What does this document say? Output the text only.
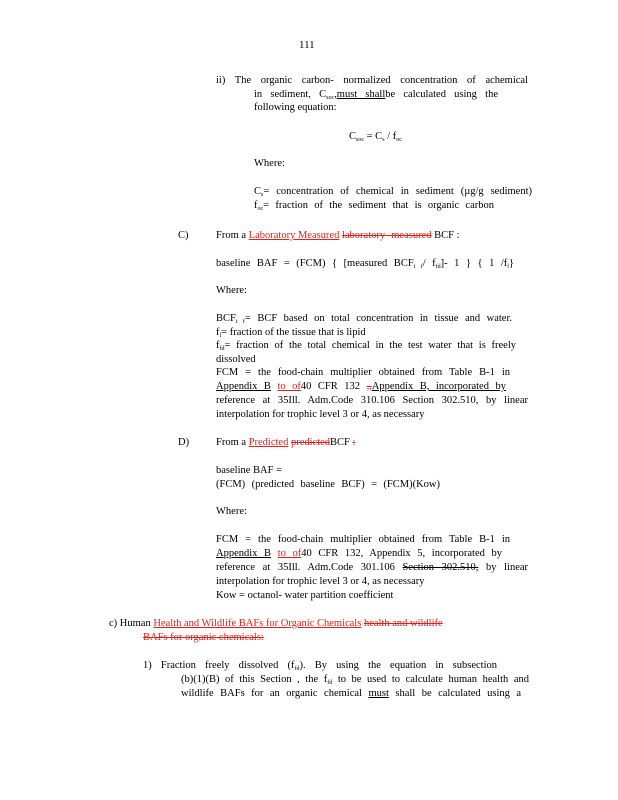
111
ii) The organic carbon- normalized concentration of achemical
in sediment, $C_{soc},must$ shallbe calculated using the
following equation:
$C_{soc} = C_s / f_{oc}$
Where:
$C_s=$ concentration of chemical in sediment (µg/g sediment)
$f_{oc}=$ fraction of the sediment that is organic carbon
C)	From a Laboratory Measured laboratory- measured BCF :
baseline BAF = (FCM) { [measured $BCF_{t f}/$ $f_{fd}]-$ 1 } { 1 $/f_l$}
Where:
$BCF_{t f}=$ BCF based on total concentration in tissue and water.
$f_l=$ fraction of the tissue that is lipid
$f_{fd}=$ fraction of the total chemical in the test water that is freely
dissolved
FCM = the food-chain multiplier obtained from Table B-1 in
Appendix B to of40 CFR 132 ,,Appendix B, incorporated by
reference at 35Ill. Adm.Code 310.106 Section 302.510, by linear
interpolation for trophic level 3 or 4, as necessary
D)	From a Predicted predictedBCF :
baseline BAF =
(FCM) (predicted baseline BCF) = (FCM)(Kow)
Where:
FCM = the food-chain multiplier obtained from Table B-1 in
Appendix B to of40 CFR 132, Appendix 5, incorporated by
reference at 35Ill. Adm.Code 301.106 Section 302.510, by linear
interpolation for trophic level 3 or 4, as necessary
Kow = octanol- water partition coefficient
c) Human Health and Wildlife BAFs for Organic Chemicals health and wildlife
BAFs for organic chemicals:
1) Fraction freely dissolved $(f_{fd})$. By using the equation in subsection
(b)(1)(B) of this Section , the $f_{fd}$ to be used to calculate human health and
wildlife BAFs for an organic chemical must shall be calculated using a
